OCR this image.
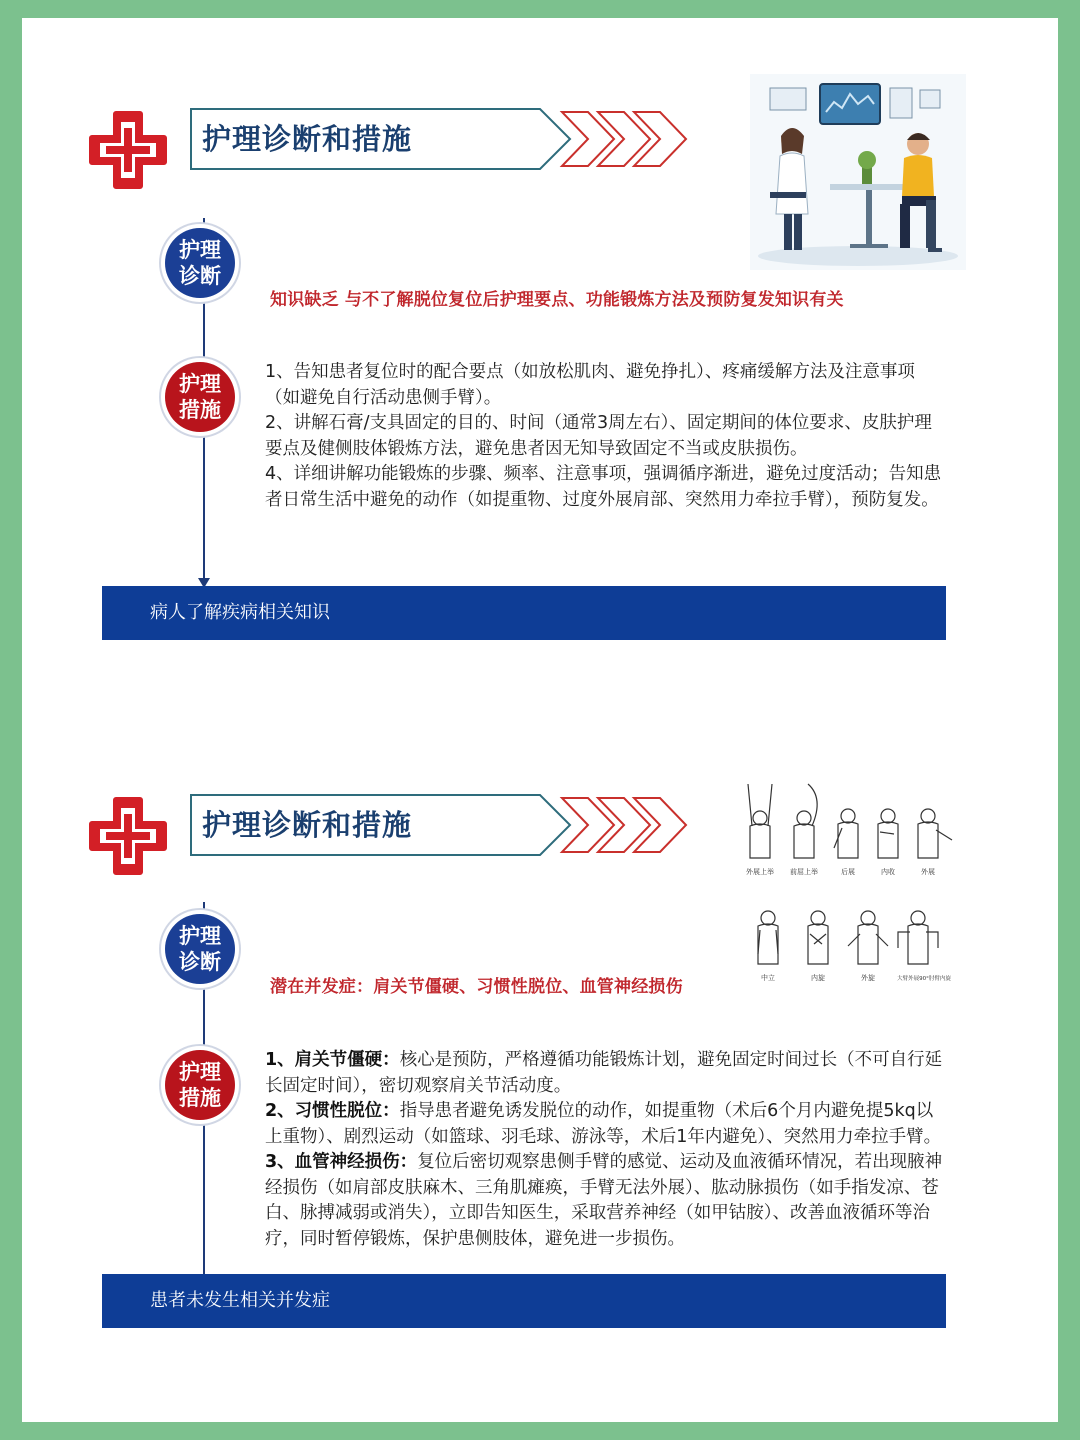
护理诊断和措施
护理诊断
知识缺乏 与不了解脱位复位后护理要点、功能锻炼方法及预防复发知识有关
护理措施
1、告知患者复位时的配合要点（如放松肌肉、避免挣扎）、疼痛缓解方法及注意事项（如避免自行活动患侧手臂）。
2、讲解石膏/支具固定的目的、时间（通常3周左右）、固定期间的体位要求、皮肤护理要点及健侧肢体锻炼方法，避免患者因无知导致固定不当或皮肤损伤。
4、详细讲解功能锻炼的步骤、频率、注意事项，强调循序渐进，避免过度活动；告知患者日常生活中避免的动作（如提重物、过度外展肩部、突然用力牵拉手臂），预防复发。
病人了解疾病相关知识
护理诊断和措施
外展上举 前屈上举	后展	内收	外展
中立	内旋	外旋	大臂外展90°肘臂内旋
护理诊断
潜在并发症：肩关节僵硬、习惯性脱位、血管神经损伤
护理措施
1、肩关节僵硬：核心是预防，严格遵循功能锻炼计划，避免固定时间过长（不可自行延长固定时间），密切观察肩关节活动度。
2、习惯性脱位：指导患者避免诱发脱位的动作，如提重物（术后6个月内避免提5kq以上重物）、剧烈运动（如篮球、羽毛球、游泳等，术后1年内避免）、突然用力牵拉手臂。
3、血管神经损伤：复位后密切观察患侧手臂的感觉、运动及血液循环情况，若出现腋神经损伤（如肩部皮肤麻木、三角肌瘫痪，手臂无法外展）、肱动脉损伤（如手指发凉、苍白、脉搏减弱或消失），立即告知医生，采取营养神经（如甲钴胺）、改善血液循环等治疗，同时暂停锻炼，保护患侧肢体，避免进一步损伤。
患者未发生相关并发症
